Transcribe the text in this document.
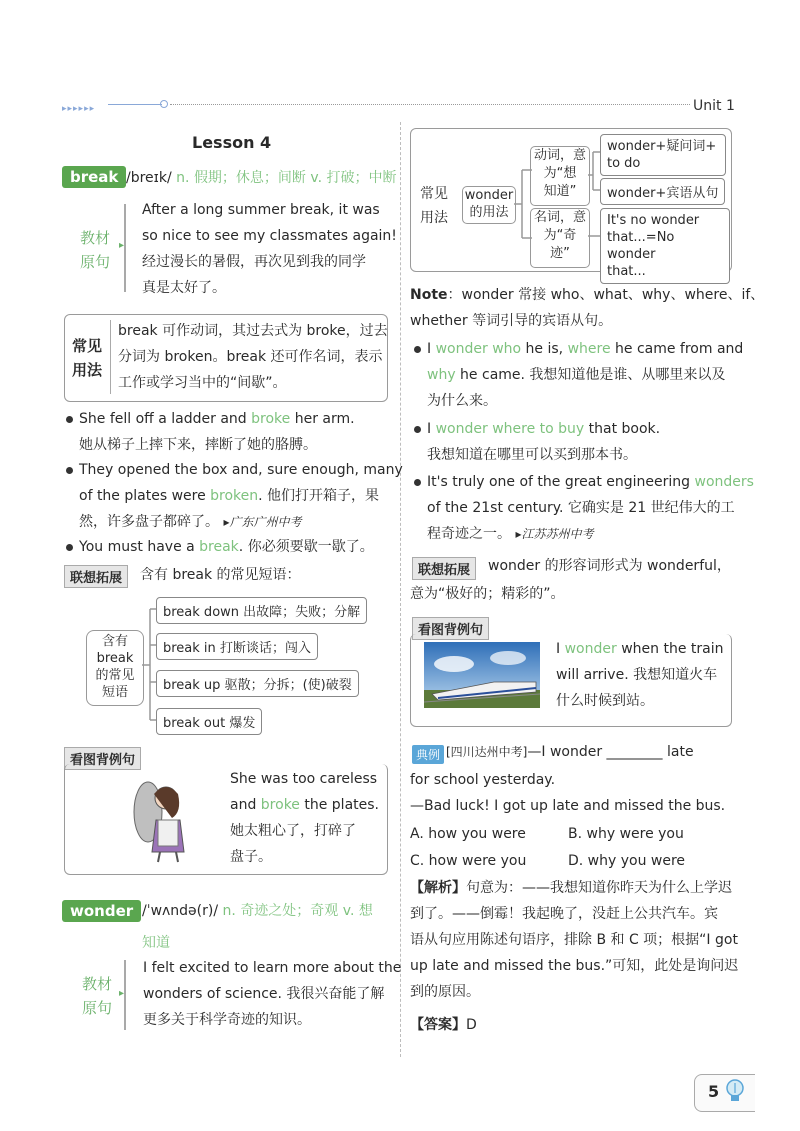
▸▸▸▸▸▸	Unit 1
Lesson 4
break /breɪk/ n. 假期；休息；间断 v. 打破；中断
教材
原句
▸
After a long summer break, it was
so nice to see my classmates again!
经过漫长的暑假，再次见到我的同学
真是太好了。
常见
用法
break 可作动词，其过去式为 broke，过去
分词为 broken。break 还可作名词，表示
工作或学习当中的“间歇”。
She fell off a ladder and broke her arm.
她从梯子上摔下来，摔断了她的胳膊。
They opened the box and, sure enough, many
of the plates were broken. 他们打开箱子，果
然，许多盘子都碎了。 ▸广东广州中考
You must have a break. 你必须要歇一歇了。
联想拓展	含有 break 的常见短语：
含有
break
的常见
短语
break down 出故障；失败；分解
break in 打断谈话；闯入
break up 驱散；分拆；(使)破裂
break out 爆发
看图背例句
She was too careless
and broke the plates.
她太粗心了，打碎了
盘子。
wonder /ˈwʌndə(r)/ n. 奇迹之处；奇观 v. 想
知道
教材
原句
▸
I felt excited to learn more about the
wonders of science. 我很兴奋能了解
更多关于科学奇迹的知识。
常见
用法
wonder
的用法
动词，意
为“想
知道”
名词，意
为“奇
迹”
wonder+疑问词+
to do
wonder+宾语从句
It's no wonder
that...=No wonder
that...
Note：wonder 常接 who、what、why、where、if、
whether 等词引导的宾语从句。
I wonder who he is, where he came from and
why he came. 我想知道他是谁、从哪里来以及
为什么来。
I wonder where to buy that book.
我想知道在哪里可以买到那本书。
It's truly one of the great engineering wonders
of the 21st century. 它确实是 21 世纪伟大的工
程奇迹之一。 ▸江苏苏州中考
联想拓展	wonder 的形容词形式为 wonderful，
意为“极好的；精彩的”。
看图背例句
I wonder when the train
will arrive. 我想知道火车
什么时候到站。
典例 [四川达州中考]—I wonder ________ late
for school yesterday.
—Bad luck! I got up late and missed the bus.
A. how you were	B. why were you
C. how were you	D. why you were
【解析】句意为：——我想知道你昨天为什么上学迟
到了。——倒霉！我起晚了，没赶上公共汽车。宾
语从句应用陈述句语序，排除 B 和 C 项；根据“I got
up late and missed the bus.”可知，此处是询问迟
到的原因。
【答案】D
5
